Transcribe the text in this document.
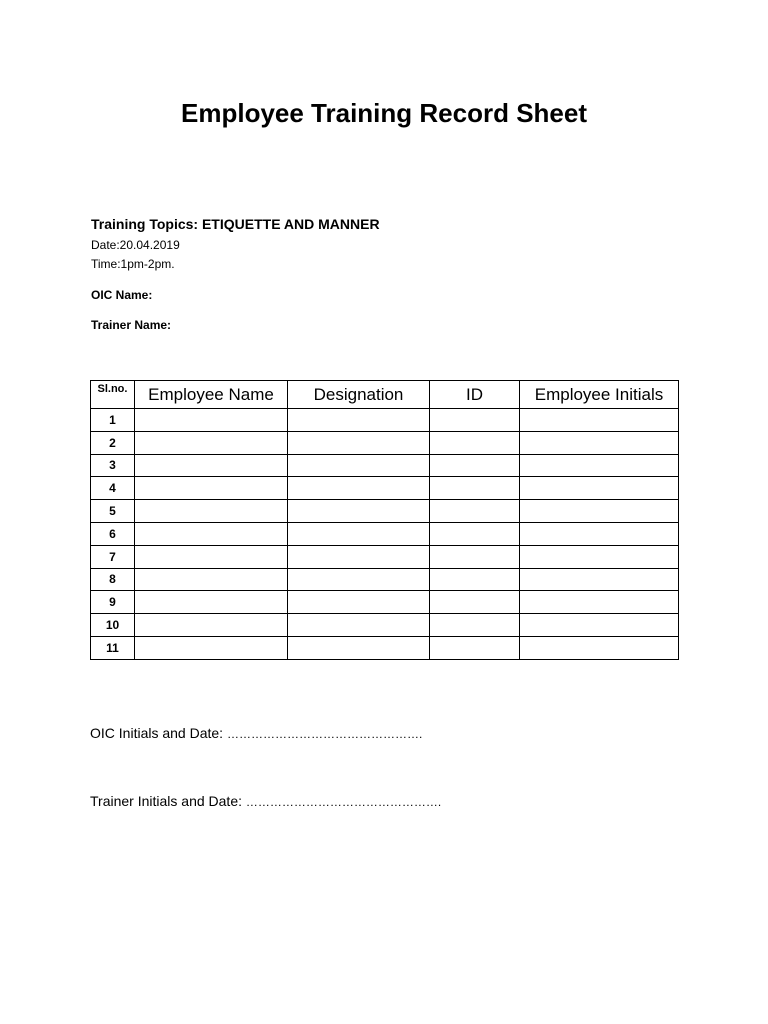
Employee Training Record Sheet
Training Topics: ETIQUETTE AND MANNER
Date:20.04.2019
Time:1pm-2pm.
OIC Name:
Trainer Name:
Sl.no.	Employee Name	Designation	ID	Employee Initials
1				
2				
3				
4				
5				
6				
7				
8				
9				
10				
11				
OIC Initials and Date: ………………………………………….
Trainer Initials and Date: ………………………………………….
